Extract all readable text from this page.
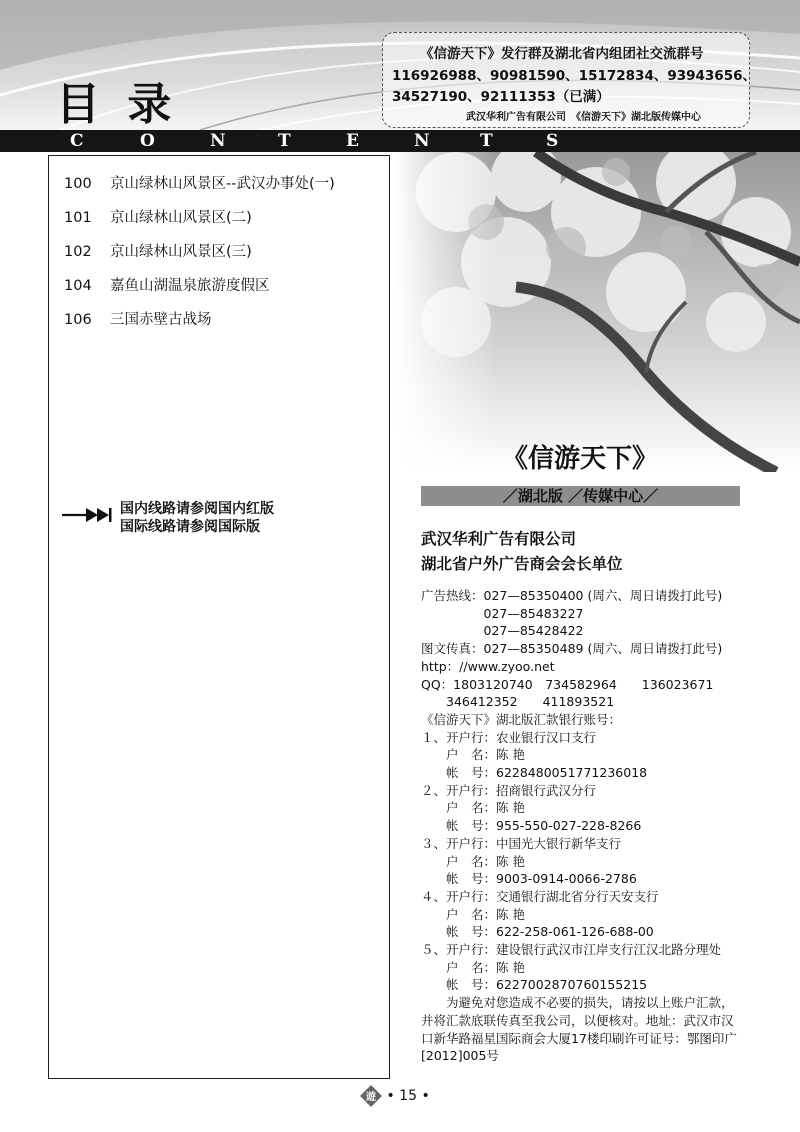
目 录
C	O	N	T	E	N	T	S
《信游天下》发行群及湖北省内组团社交流群号
116926988、90981590、15172834、93943656、
34527190、92111353（已满）
武汉华利广告有限公司　《信游天下》湖北版传媒中心
100 京山绿林山风景区--武汉办事处(一)
101 京山绿林山风景区(二)
102 京山绿林山风景区(三)
104 嘉鱼山湖温泉旅游度假区
106 三国赤壁古战场
国内线路请参阅国内红版
国际线路请参阅国际版
《信游天下》
／湖北版 ／传媒中心／
武汉华利广告有限公司
湖北省户外广告商会会长单位
广告热线：027—85350400 (周六、周日请拨打此号)
　　　　　027—85483227
　　　　　027—85428422
图文传真：027—85350489 (周六、周日请拨打此号)
http：//www.zyoo.net
QQ：1803120740　734582964　　136023671
　　346412352　　411893521
《信游天下》湖北版汇款银行账号：
１、开户行：农业银行汉口支行
　　户　名：陈 艳
　　帐　号：6228480051771236018
２、开户行：招商银行武汉分行
　　户　名：陈 艳
　　帐　号：955-550-027-228-8266
３、开户行：中国光大银行新华支行
　　户　名：陈 艳
　　帐　号：9003-0914-0066-2786
４、开户行：交通银行湖北省分行天安支行
　　户　名：陈 艳
　　帐　号：622-258-061-126-688-00
５、开户行：建设银行武汉市江岸支行江汉北路分理处
　　户　名：陈 艳
　　帐　号：6227002870760155215
　　为避免对您造成不必要的损失，请按以上账户汇款，
并将汇款底联传真至我公司，以便核对。地址：武汉市汉
口新华路福星国际商会大厦17楼印刷许可证号：鄂图印广
[2012]005号
遊 • 15 •
